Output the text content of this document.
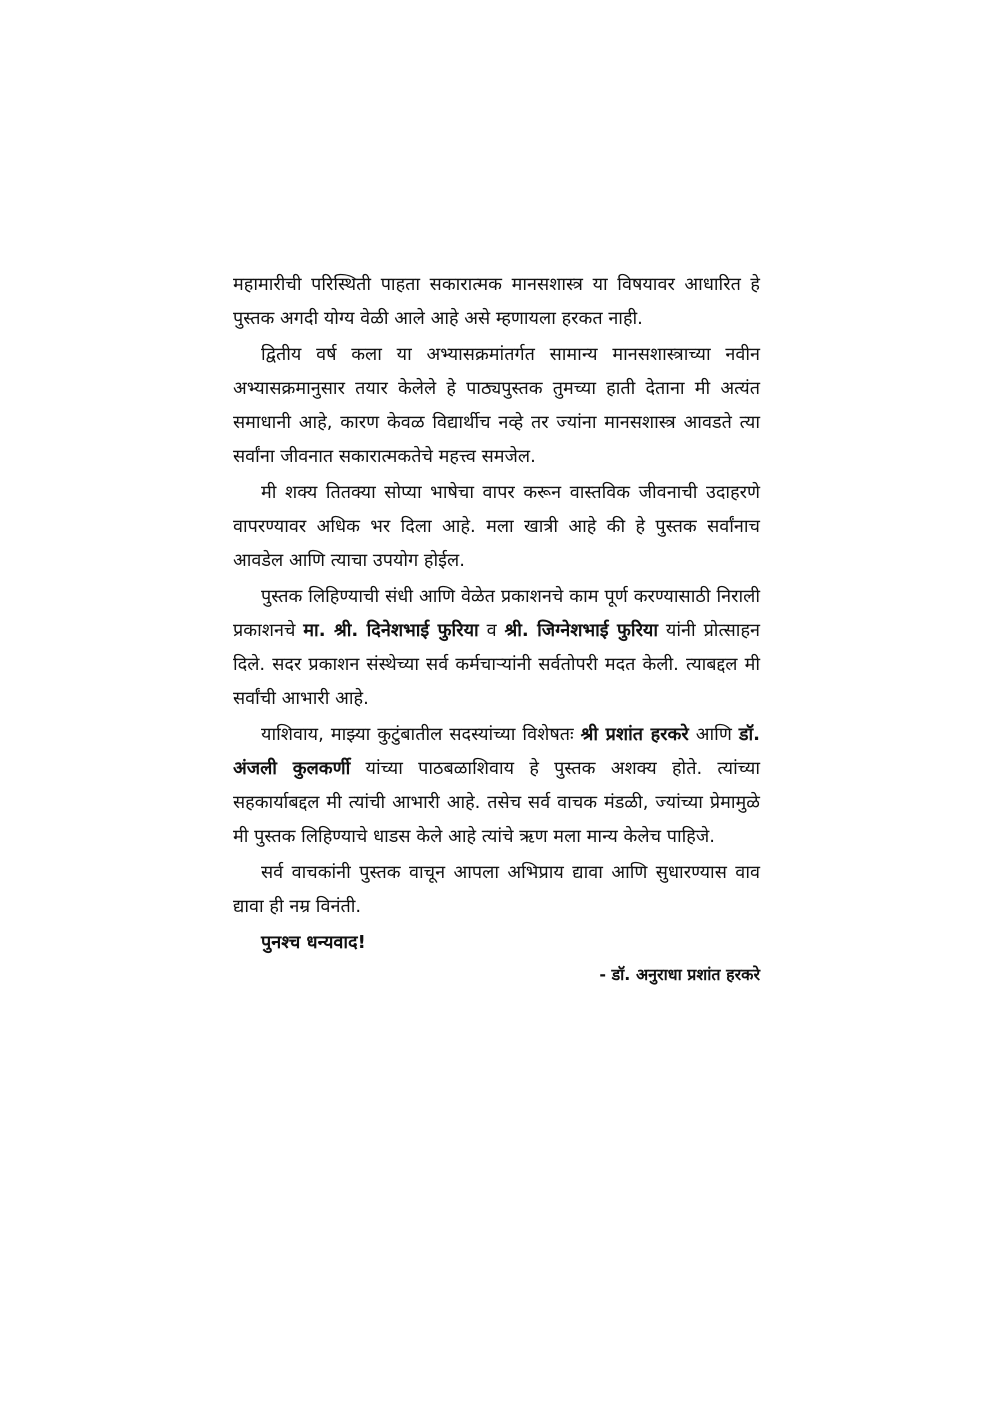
महामारीची परिस्थिती पाहता सकारात्मक मानसशास्त्र या विषयावर आधारित हे पुस्तक अगदी योग्य वेळी आले आहे असे म्हणायला हरकत नाही.

द्वितीय वर्ष कला या अभ्यासक्रमांतर्गत सामान्य मानसशास्त्राच्या नवीन अभ्यासक्रमानुसार तयार केलेले हे पाठ्यपुस्तक तुमच्या हाती देताना मी अत्यंत समाधानी आहे, कारण केवळ विद्यार्थीच नव्हे तर ज्यांना मानसशास्त्र आवडते त्या सर्वांना जीवनात सकारात्मकतेचे महत्त्व समजेल.

मी शक्य तितक्या सोप्या भाषेचा वापर करून वास्तविक जीवनाची उदाहरणे वापरण्यावर अधिक भर दिला आहे. मला खात्री आहे की हे पुस्तक सर्वांनाच आवडेल आणि त्याचा उपयोग होईल.

पुस्तक लिहिण्याची संधी आणि वेळेत प्रकाशनचे काम पूर्ण करण्यासाठी निराली प्रकाशनचे मा. श्री. दिनेशभाई फुरिया व श्री. जिग्नेशभाई फुरिया यांनी प्रोत्साहन दिले. सदर प्रकाशन संस्थेच्या सर्व कर्मचाऱ्यांनी सर्वतोपरी मदत केली. त्याबद्दल मी सर्वांची आभारी आहे.

याशिवाय, माझ्या कुटुंबातील सदस्यांच्या विशेषतः श्री प्रशांत हरकरे आणि डॉ. अंजली कुलकर्णी यांच्या पाठबळाशिवाय हे पुस्तक अशक्य होते. त्यांच्या सहकार्याबद्दल मी त्यांची आभारी आहे. तसेच सर्व वाचक मंडळी, ज्यांच्या प्रेमामुळे मी पुस्तक लिहिण्याचे धाडस केले आहे त्यांचे ऋण मला मान्य केलेच पाहिजे.

सर्व वाचकांनी पुस्तक वाचून आपला अभिप्राय द्यावा आणि सुधारण्यास वाव द्यावा ही नम्र विनंती.

पुनश्च धन्यवाद!

- डॉ. अनुराधा प्रशांत हरकरे
